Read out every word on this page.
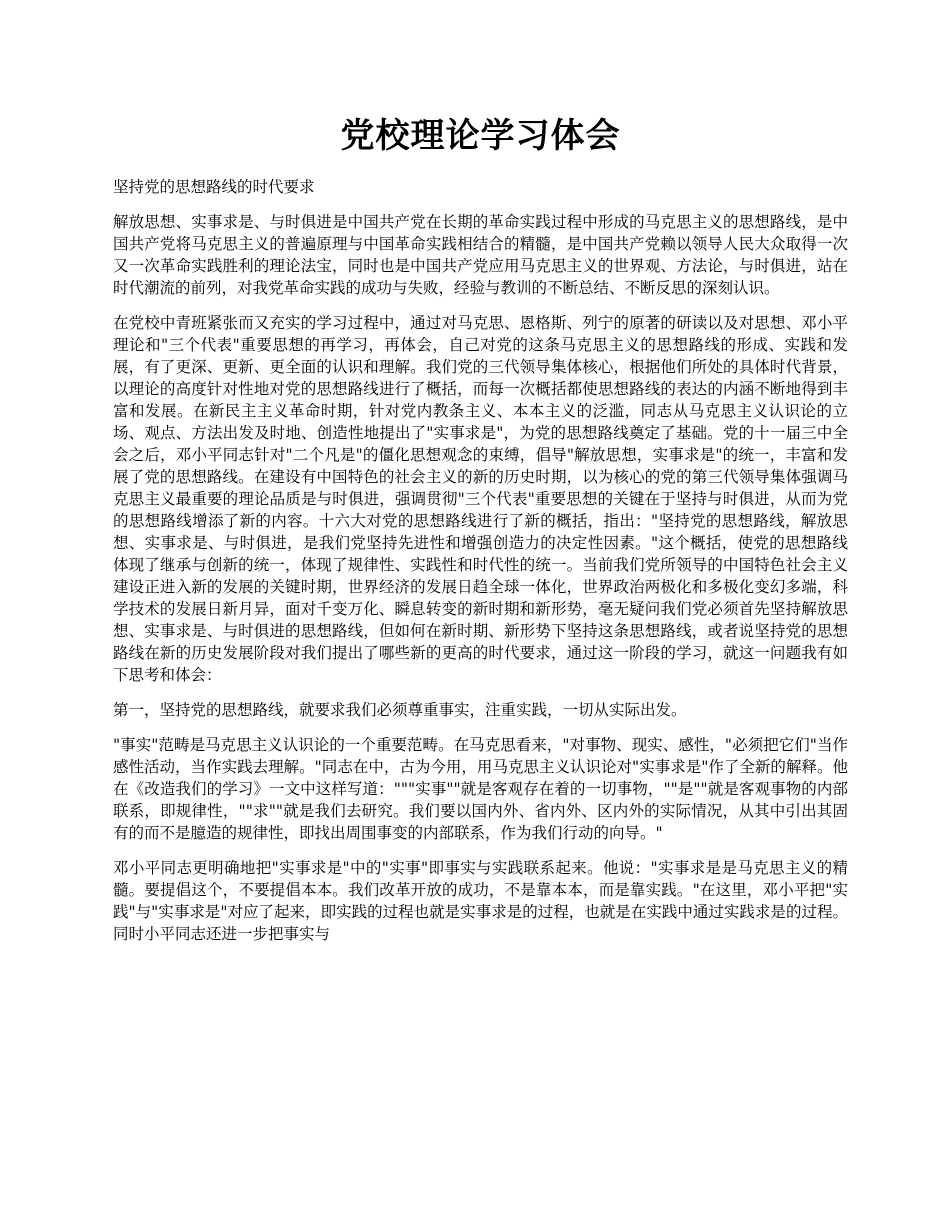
党校理论学习体会

坚持党的思想路线的时代要求

解放思想、实事求是、与时俱进是中国共产党在长期的革命实践过程中形成的马克思主义的思想路线，是中国共产党将马克思主义的普遍原理与中国革命实践相结合的精髓，是中国共产党赖以领导人民大众取得一次又一次革命实践胜利的理论法宝，同时也是中国共产党应用马克思主义的世界观、方法论，与时俱进，站在时代潮流的前列，对我党革命实践的成功与失败，经验与教训的不断总结、不断反思的深刻认识。

在党校中青班紧张而又充实的学习过程中，通过对马克思、恩格斯、列宁的原著的研读以及对思想、邓小平理论和"三个代表"重要思想的再学习，再体会，自己对党的这条马克思主义的思想路线的形成、实践和发展，有了更深、更新、更全面的认识和理解。我们党的三代领导集体核心，根据他们所处的具体时代背景，以理论的高度针对性地对党的思想路线进行了概括，而每一次概括都使思想路线的表达的内涵不断地得到丰富和发展。在新民主主义革命时期，针对党内教条主义、本本主义的泛滥，同志从马克思主义认识论的立场、观点、方法出发及时地、创造性地提出了"实事求是"，为党的思想路线奠定了基础。党的十一届三中全会之后，邓小平同志针对"二个凡是"的僵化思想观念的束缚，倡导"解放思想，实事求是"的统一，丰富和发展了党的思想路线。在建设有中国特色的社会主义的新的历史时期，以为核心的党的第三代领导集体强调马克思主义最重要的理论品质是与时俱进，强调贯彻"三个代表"重要思想的关键在于坚持与时俱进，从而为党的思想路线增添了新的内容。十六大对党的思想路线进行了新的概括，指出："坚持党的思想路线，解放思想、实事求是、与时俱进，是我们党坚持先进性和增强创造力的决定性因素。"这个概括，使党的思想路线体现了继承与创新的统一，体现了规律性、实践性和时代性的统一。当前我们党所领导的中国特色社会主义建设正进入新的发展的关键时期，世界经济的发展日趋全球一体化，世界政治两极化和多极化变幻多端，科学技术的发展日新月异，面对千变万化、瞬息转变的新时期和新形势，毫无疑问我们党必须首先坚持解放思想、实事求是、与时俱进的思想路线，但如何在新时期、新形势下坚持这条思想路线，或者说坚持党的思想路线在新的历史发展阶段对我们提出了哪些新的更高的时代要求，通过这一阶段的学习，就这一问题我有如下思考和体会：

第一，坚持党的思想路线，就要求我们必须尊重事实，注重实践，一切从实际出发。

"事实"范畴是马克思主义认识论的一个重要范畴。在马克思看来，"对事物、现实、感性，"必须把它们"当作感性活动，当作实践去理解。"同志在中，古为今用，用马克思主义认识论对"实事求是"作了全新的解释。他在《改造我们的学习》一文中这样写道："""实事""就是客观存在着的一切事物，""是""就是客观事物的内部联系，即规律性，""求""就是我们去研究。我们要以国内外、省内外、区内外的实际情况，从其中引出其固有的而不是臆造的规律性，即找出周围事变的内部联系，作为我们行动的向导。"

邓小平同志更明确地把"实事求是"中的"实事"即事实与实践联系起来。他说："实事求是是马克思主义的精髓。要提倡这个，不要提倡本本。我们改革开放的成功，不是靠本本，而是靠实践。"在这里，邓小平把"实践"与"实事求是"对应了起来，即实践的过程也就是实事求是的过程，也就是在实践中通过实践求是的过程。同时小平同志还进一步把事实与
